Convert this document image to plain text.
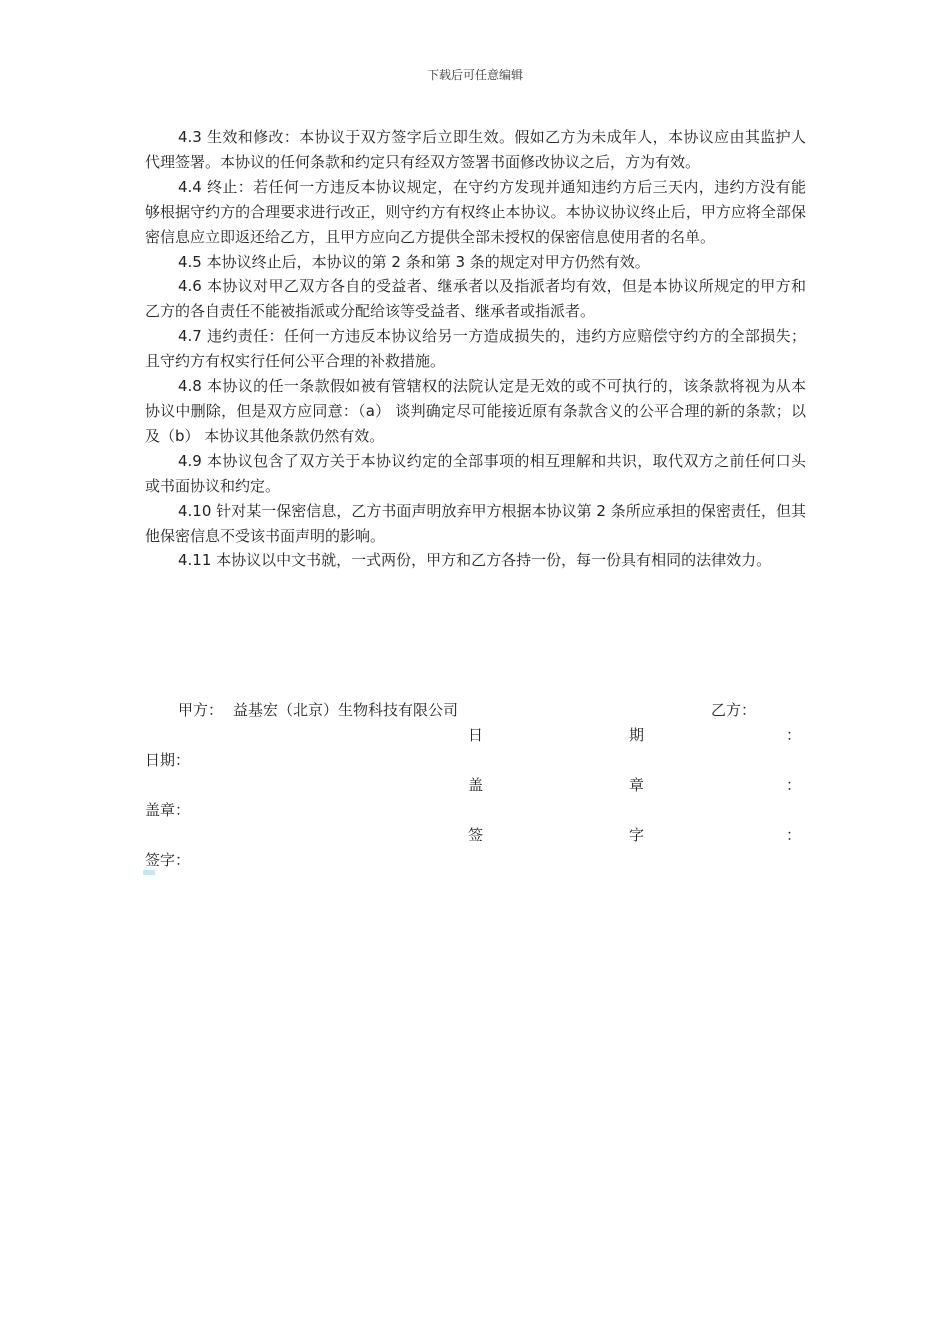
下载后可任意编辑

4.3 生效和修改：本协议于双方签字后立即生效。假如乙方为未成年人，本协议应由其监护人代理签署。本协议的任何条款和约定只有经双方签署书面修改协议之后，方为有效。

4.4 终止：若任何一方违反本协议规定，在守约方发现并通知违约方后三天内，违约方没有能够根据守约方的合理要求进行改正，则守约方有权终止本协议。本协议协议终止后，甲方应将全部保密信息应立即返还给乙方，且甲方应向乙方提供全部未授权的保密信息使用者的名单。

4.5 本协议终止后，本协议的第 2 条和第 3 条的规定对甲方仍然有效。

4.6 本协议对甲乙双方各自的受益者、继承者以及指派者均有效，但是本协议所规定的甲方和乙方的各自责任不能被指派或分配给该等受益者、继承者或指派者。

4.7 违约责任：任何一方违反本协议给另一方造成损失的，违约方应赔偿守约方的全部损失；且守约方有权实行任何公平合理的补救措施。

4.8 本协议的任一条款假如被有管辖权的法院认定是无效的或不可执行的，该条款将视为从本协议中删除，但是双方应同意：（a） 谈判确定尽可能接近原有条款含义的公平合理的新的条款；以及（b） 本协议其他条款仍然有效。

4.9 本协议包含了双方关于本协议约定的全部事项的相互理解和共识，取代双方之前任何口头或书面协议和约定。

4.10 针对某一保密信息，乙方书面声明放弃甲方根据本协议第 2 条所应承担的保密责任，但其他保密信息不受该书面声明的影响。

4.11 本协议以中文书就，一式两份，甲方和乙方各持一份，每一份具有相同的法律效力。

甲方： 益基宏（北京）生物科技有限公司	乙方：
日	期	：
日期：
盖	章	：
盖章：
签	字	：
签字：
